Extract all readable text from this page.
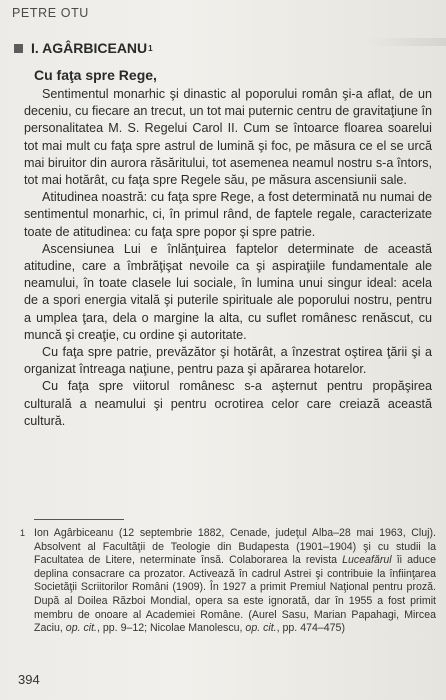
PETRE OTU
I. AGÂRBICEANU 1
Cu faţa spre Rege,

Sentimentul monarhic şi dinastic al poporului român şi-a aflat, de un deceniu, cu fiecare an trecut, un tot mai puternic centru de gravitaţiune în personalitatea M. S. Regelui Carol II. Cum se întoarce floarea soarelui tot mai mult cu faţa spre astrul de lumină şi foc, pe măsura ce el se urcă mai biruitor din aurora răsăritului, tot asemenea neamul nostru s-a întors, tot mai hotărât, cu faţa spre Regele său, pe măsura ascensiunii sale.

Atitudinea noastră: cu faţa spre Rege, a fost determinată nu numai de sentimentul monarhic, ci, în primul rând, de faptele regale, caracterizate toate de atitudinea: cu faţa spre popor şi spre patrie.

Ascensiunea Lui e înlănţuirea faptelor determinate de această atitudine, care a îmbrăţişat nevoile ca şi aspiraţiile fundamentale ale neamului, în toate clasele lui sociale, în lumina unui singur ideal: acela de a spori energia vitală şi puterile spirituale ale poporului nostru, pentru a umplea ţara, dela o margine la alta, cu suflet românesc renăscut, cu muncă şi creaţie, cu ordine şi autoritate.

Cu faţa spre patrie, prevăzător şi hotărât, a înzestrat oştirea ţării şi a organizat întreaga naţiune, pentru paza şi apărarea hotarelor.

Cu faţa spre viitorul românesc s-a aşternut pentru propăşirea culturală a neamului şi pentru ocrotirea celor care creiază această cultură.

1 Ion Agârbiceanu (12 septembrie 1882, Cenade, judeţul Alba–28 mai 1963, Cluj). Absolvent al Facultăţii de Teologie din Budapesta (1901–1904) şi cu studii la Facultatea de Litere, neterminate însă. Colaborarea la revista Luceafărul îi aduce deplina consacrare ca prozator. Activează în cadrul Astrei şi contribuie la înfiinţarea Societăţii Scriitorilor Români (1909). În 1927 a primit Premiul Naţional pentru proză. După al Doilea Război Mondial, opera sa este ignorată, dar în 1955 a fost primit membru de onoare al Academiei Române. (Aurel Sasu, Marian Papahagi, Mircea Zaciu, op. cit., pp. 9–12; Nicolae Manolescu, op. cit., pp. 474–475)
394
